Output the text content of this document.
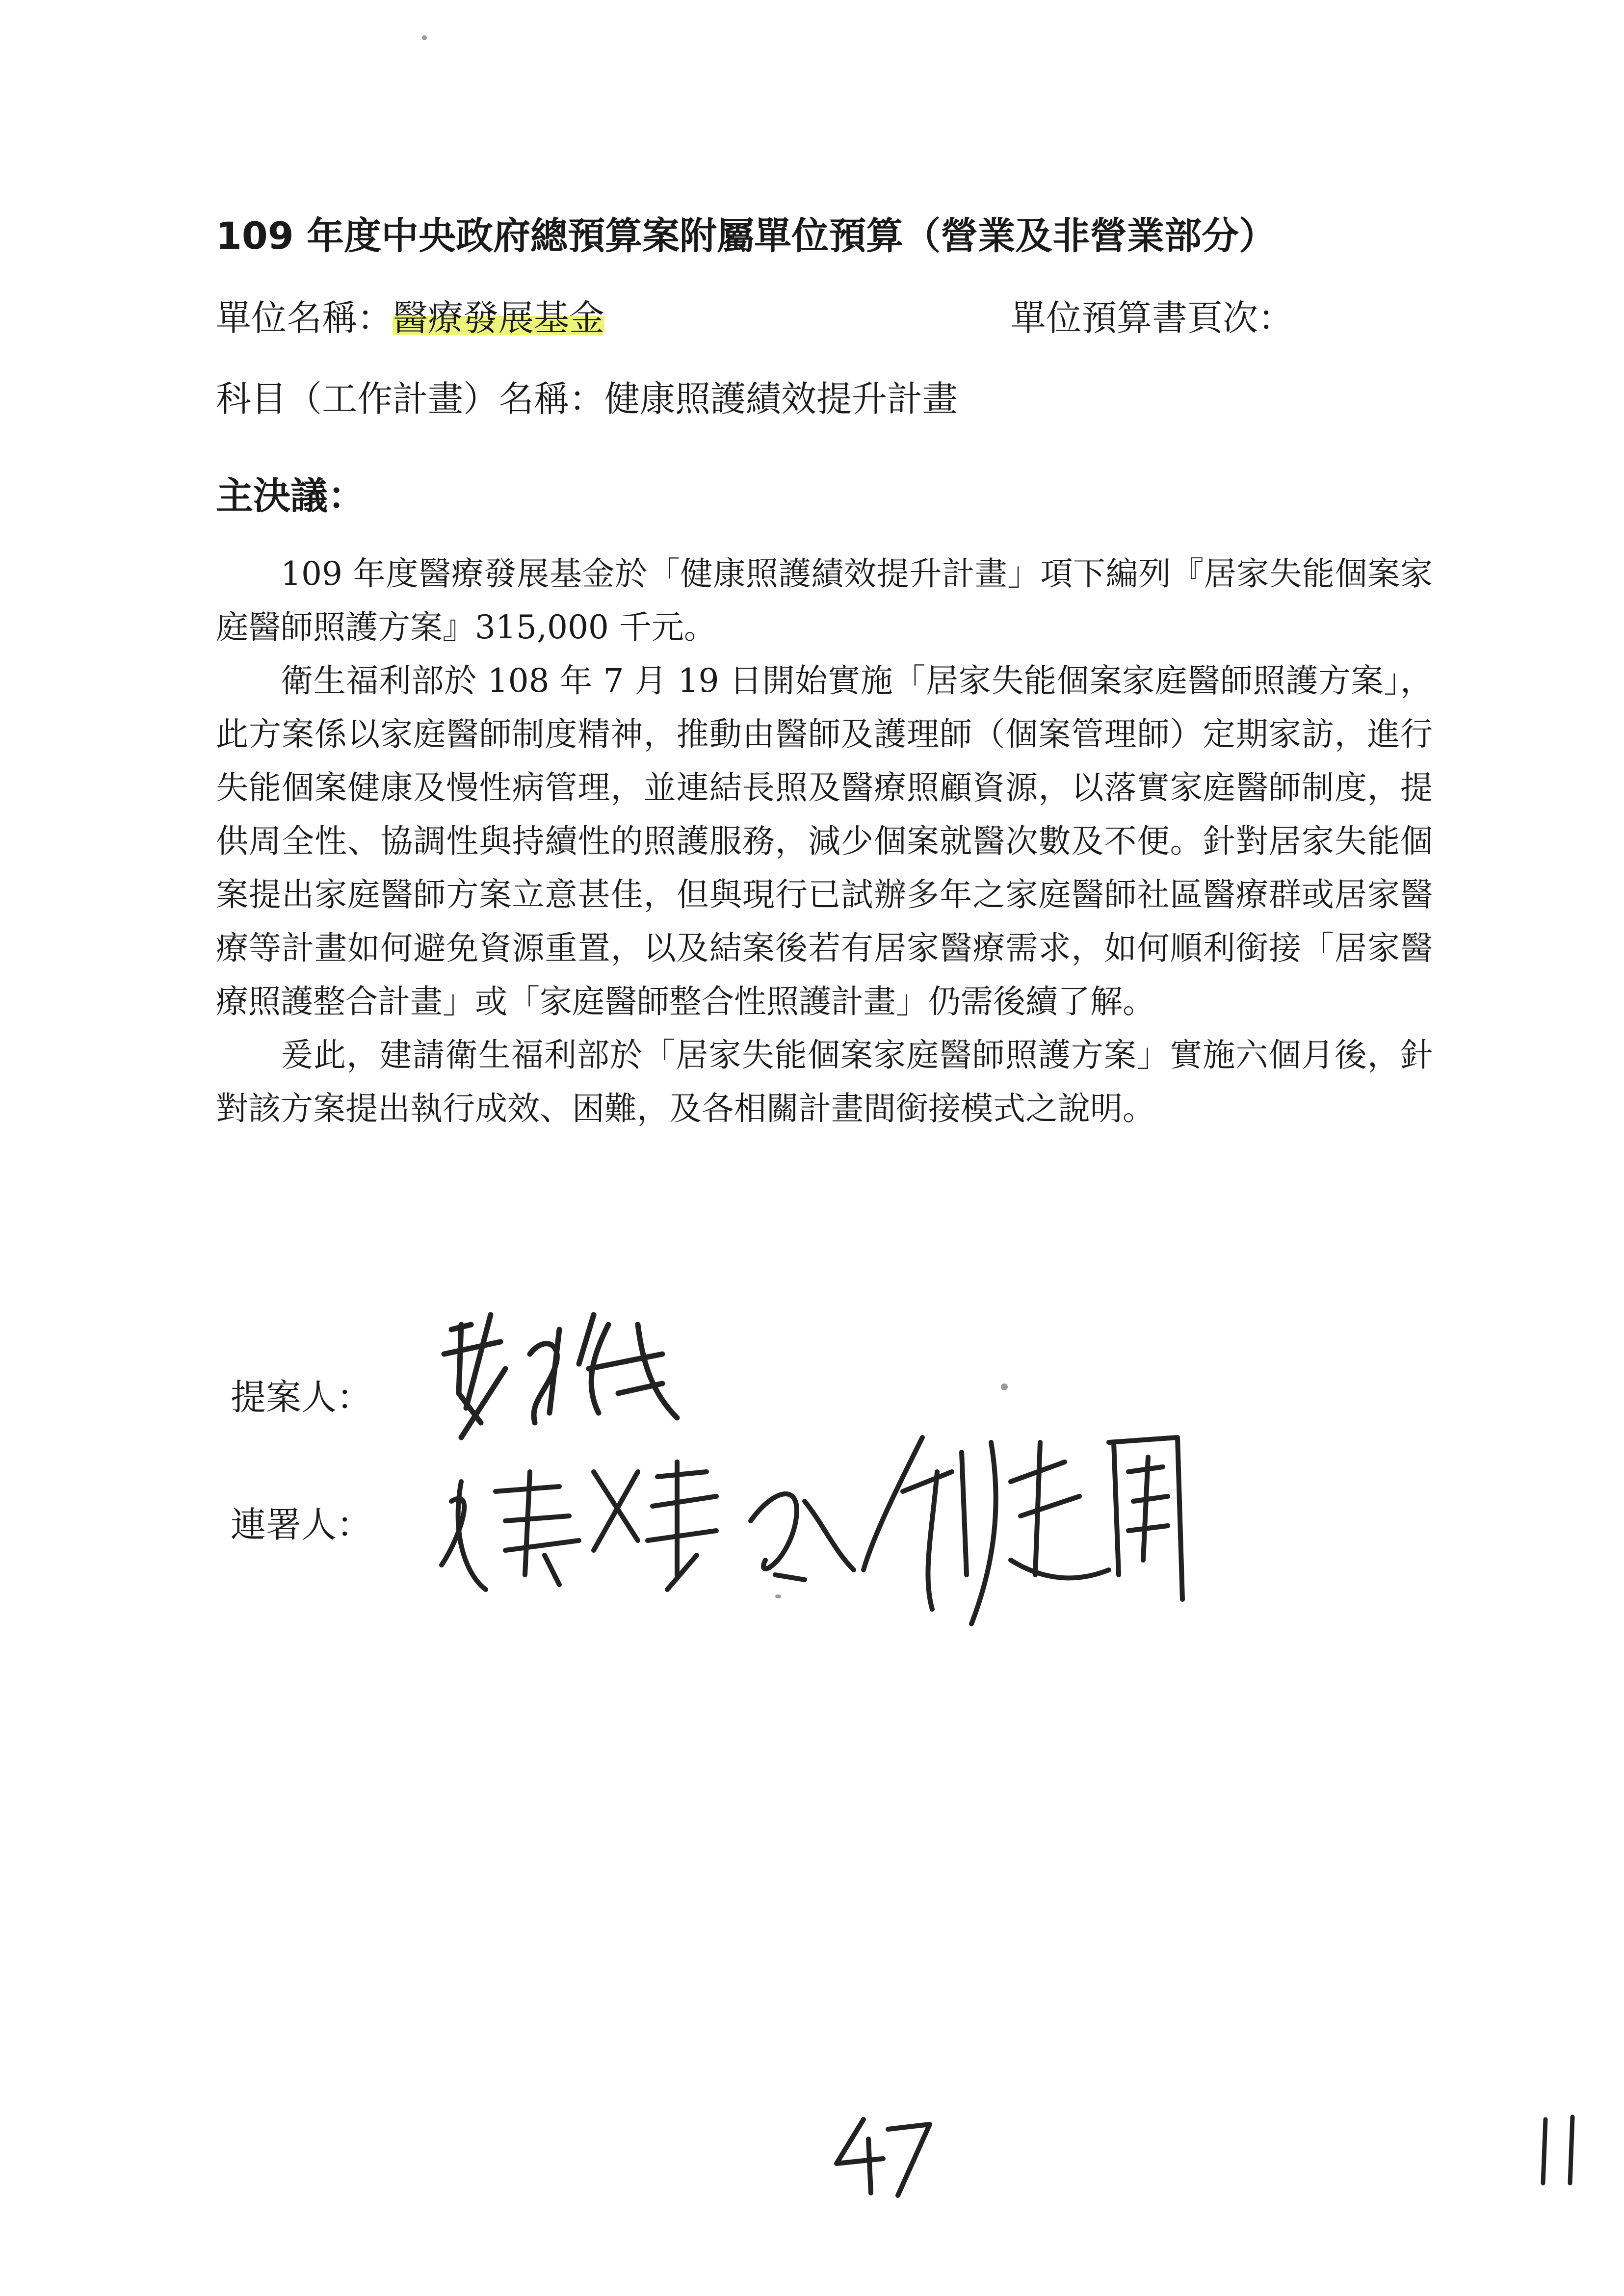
109 年度中央政府總預算案附屬單位預算（營業及非營業部分）
單位名稱：醫療發展基金	單位預算書頁次：
科目（工作計畫）名稱：健康照護績效提升計畫
主決議：

109 年度醫療發展基金於「健康照護績效提升計畫」項下編列『居家失能個案家庭醫師照護方案』315,000 千元。

衛生福利部於 108 年 7 月 19 日開始實施「居家失能個案家庭醫師照護方案」，此方案係以家庭醫師制度精神，推動由醫師及護理師（個案管理師）定期家訪，進行失能個案健康及慢性病管理，並連結長照及醫療照顧資源，以落實家庭醫師制度，提供周全性、協調性與持續性的照護服務，減少個案就醫次數及不便。針對居家失能個案提出家庭醫師方案立意甚佳，但與現行已試辦多年之家庭醫師社區醫療群或居家醫療等計畫如何避免資源重置，以及結案後若有居家醫療需求，如何順利銜接「居家醫療照護整合計畫」或「家庭醫師整合性照護計畫」仍需後續了解。

爰此，建請衛生福利部於「居家失能個案家庭醫師照護方案」實施六個月後，針對該方案提出執行成效、困難，及各相關計畫間銜接模式之說明。

提案人：
連署人：
